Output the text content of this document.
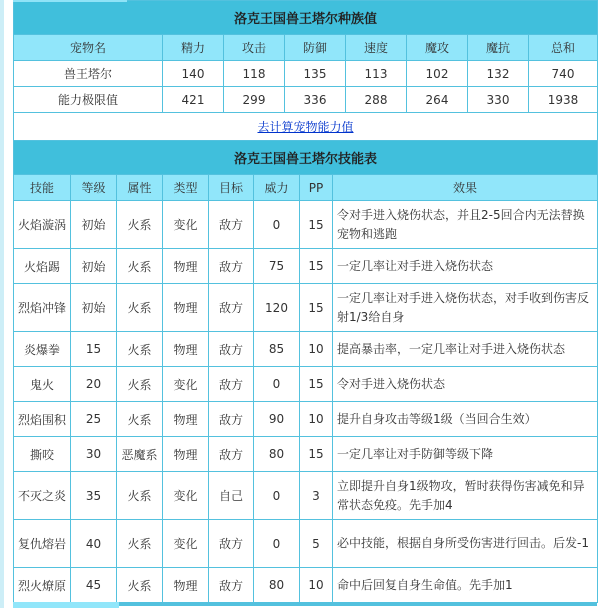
洛克王国兽王塔尔种族值							
宠物名	精力	攻击	防御	速度	魔攻	魔抗	总和
兽王塔尔	140	118	135	113	102	132	740
能力极限值	421	299	336	288	264	330	1938
去计算宠物能力值							
洛克王国兽王塔尔技能表							
技能	等级	属性	类型	目标	威力	PP	效果
火焰漩涡	初始	火系	变化	敌方	0	15	令对手进入烧伤状态，并且2-5回合内无法替换宠物和逃跑
火焰踢	初始	火系	物理	敌方	75	15	一定几率让对手进入烧伤状态
烈焰冲锋	初始	火系	物理	敌方	120	15	一定几率让对手进入烧伤状态，对手收到伤害反射1/3给自身
炎爆拳	15	火系	物理	敌方	85	10	提高暴击率，一定几率让对手进入烧伤状态
鬼火	20	火系	变化	敌方	0	15	令对手进入烧伤状态
烈焰围积	25	火系	物理	敌方	90	10	提升自身攻击等级1级（当回合生效）
撕咬	30	恶魔系	物理	敌方	80	15	一定几率让对手防御等级下降
不灭之炎	35	火系	变化	自己	0	3	立即提升自身1级物攻，暂时获得伤害减免和异常状态免疫。先手加4
复仇熔岩	40	火系	变化	敌方	0	5	必中技能，根据自身所受伤害进行回击。后发-1
烈火燎原	45	火系	物理	敌方	80	10	命中后回复自身生命值。先手加1
